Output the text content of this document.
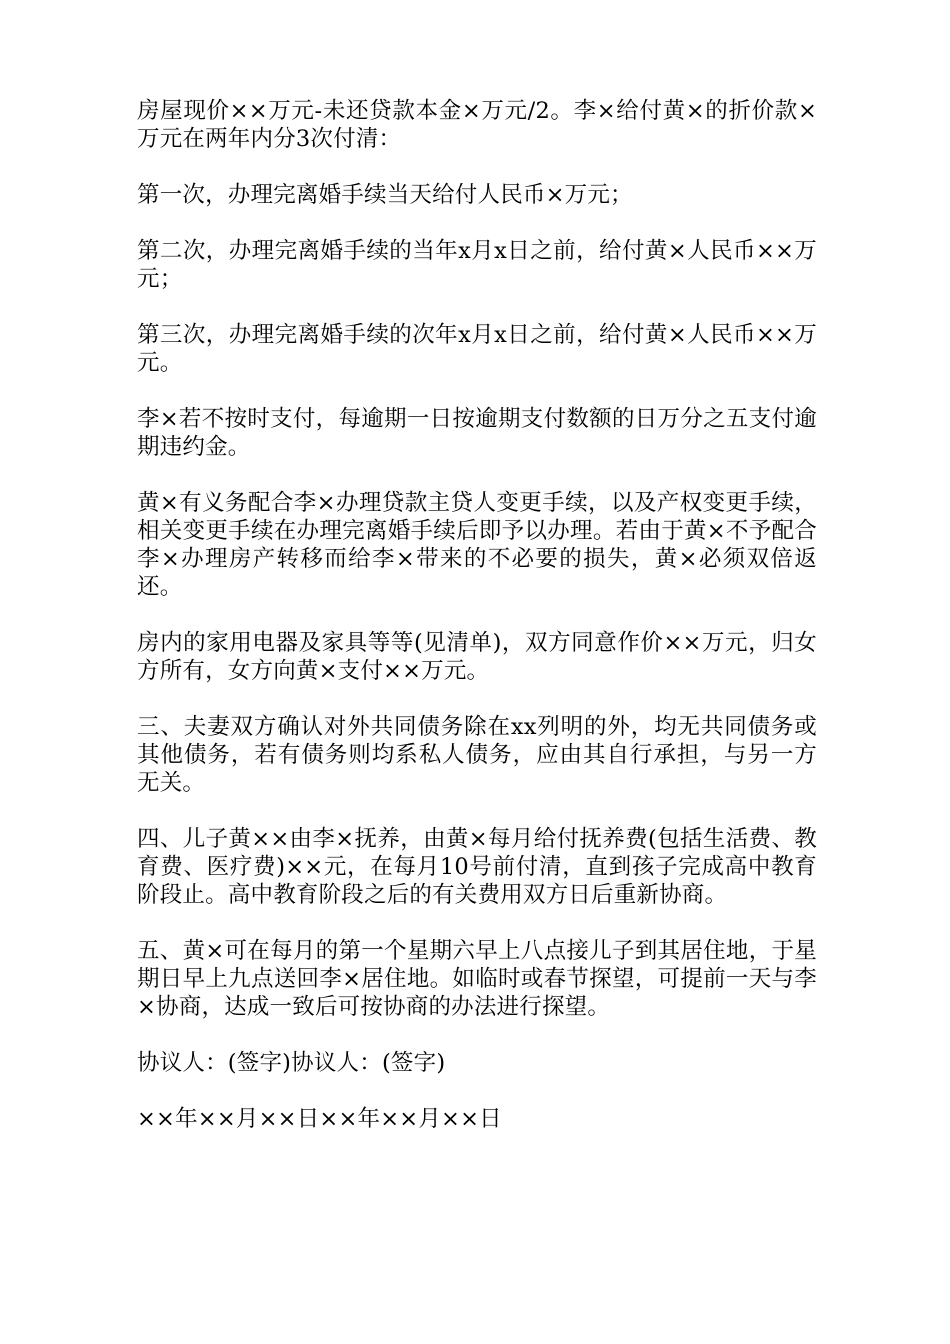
房屋现价××万元-未还贷款本金×万元/2。李×给付黄×的折价款×万元在两年内分3次付清：

第一次，办理完离婚手续当天给付人民币×万元；

第二次，办理完离婚手续的当年x月x日之前，给付黄×人民币××万元；

第三次，办理完离婚手续的次年x月x日之前，给付黄×人民币××万元。

李×若不按时支付，每逾期一日按逾期支付数额的日万分之五支付逾期违约金。

黄×有义务配合李×办理贷款主贷人变更手续，以及产权变更手续，相关变更手续在办理完离婚手续后即予以办理。若由于黄×不予配合李×办理房产转移而给李×带来的不必要的损失，黄×必须双倍返还。

房内的家用电器及家具等等(见清单)，双方同意作价××万元，归女方所有，女方向黄×支付××万元。

三、夫妻双方确认对外共同债务除在xx列明的外，均无共同债务或其他债务，若有债务则均系私人债务，应由其自行承担，与另一方无关。

四、儿子黄××由李×抚养，由黄×每月给付抚养费(包括生活费、教育费、医疗费)××元，在每月10号前付清，直到孩子完成高中教育阶段止。高中教育阶段之后的有关费用双方日后重新协商。

五、黄×可在每月的第一个星期六早上八点接儿子到其居住地，于星期日早上九点送回李×居住地。如临时或春节探望，可提前一天与李×协商，达成一致后可按协商的办法进行探望。

协议人：(签字)协议人：(签字)

××年××月××日××年××月××日
